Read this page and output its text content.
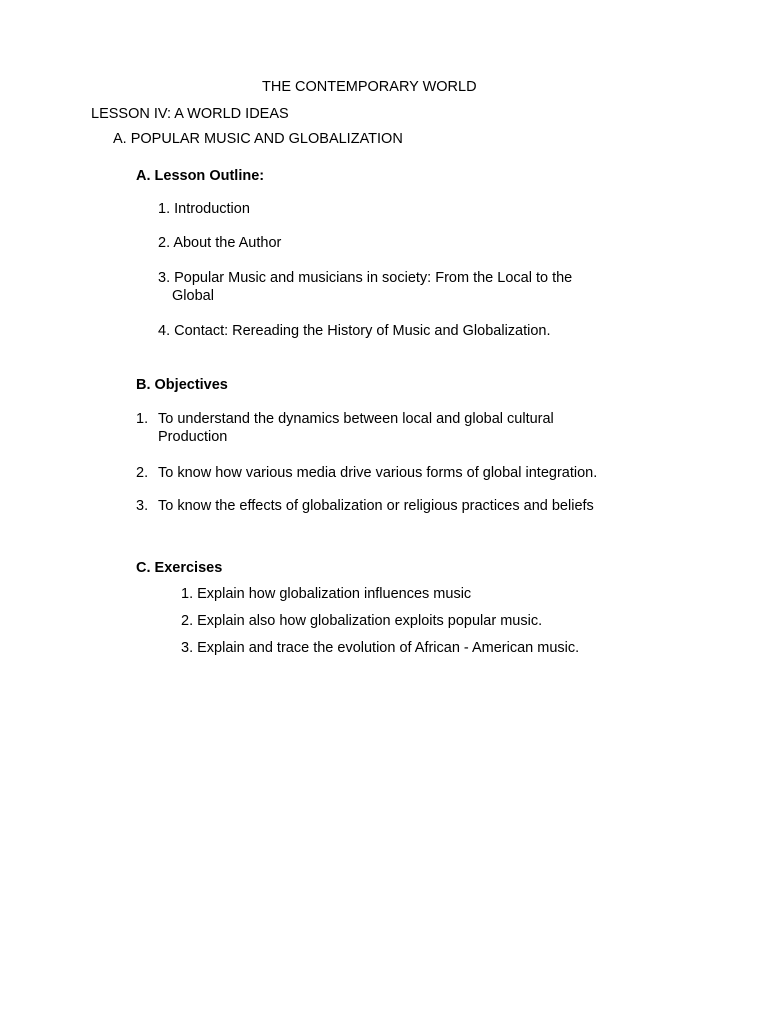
THE CONTEMPORARY WORLD
LESSON IV: A WORLD IDEAS
A. POPULAR MUSIC AND GLOBALIZATION
A. Lesson Outline:
1. Introduction
2. About the Author
3. Popular Music and musicians in society: From the Local to the
Global
4. Contact: Rereading the History of Music and Globalization.
B. Objectives
1. To understand the dynamics between local and global cultural
Production
2. To know how various media drive various forms of global integration.
3. To know the effects of globalization or religious practices and beliefs
C. Exercises
1. Explain how globalization influences music
2. Explain also how globalization exploits popular music.
3. Explain and trace the evolution of African - American music.
